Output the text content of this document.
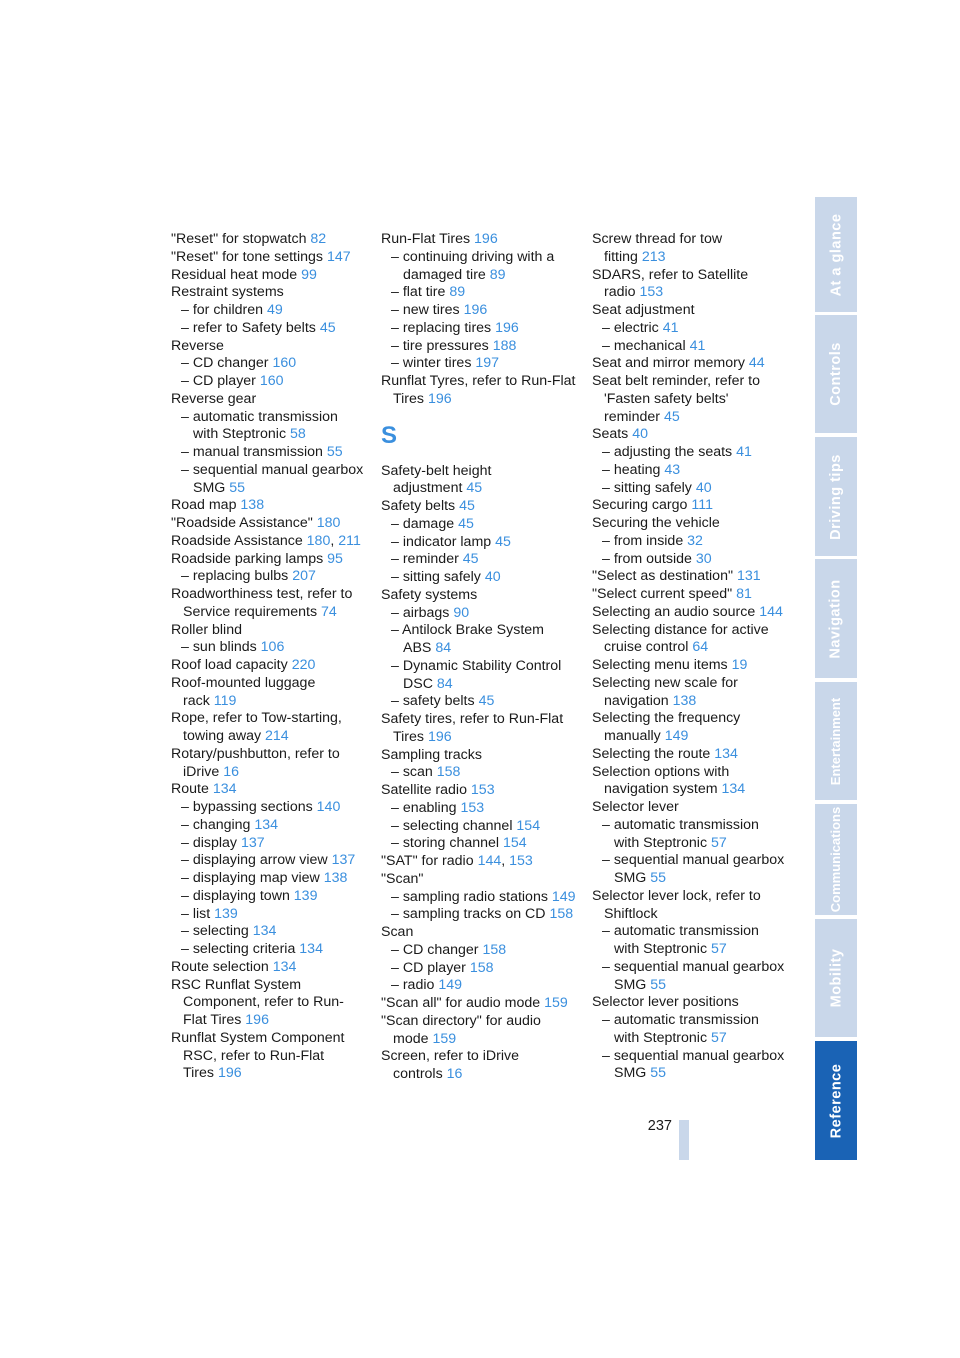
"Reset" for stopwatch 82
"Reset" for tone settings 147
Residual heat mode 99
Restraint systems
– for children 49
– refer to Safety belts 45
Reverse
– CD changer 160
– CD player 160
Reverse gear
– automatic transmission with Steptronic 58
– manual transmission 55
– sequential manual gearbox SMG 55
Road map 138
"Roadside Assistance" 180
Roadside Assistance 180, 211
Roadside parking lamps 95
– replacing bulbs 207
Roadworthiness test, refer to Service requirements 74
Roller blind
– sun blinds 106
Roof load capacity 220
Roof-mounted luggage rack 119
Rope, refer to Tow-starting, towing away 214
Rotary/pushbutton, refer to iDrive 16
Route 134
– bypassing sections 140
– changing 134
– display 137
– displaying arrow view 137
– displaying map view 138
– displaying town 139
– list 139
– selecting 134
– selecting criteria 134
Route selection 134
RSC Runflat System Component, refer to Run-Flat Tires 196
Runflat System Component RSC, refer to Run-Flat Tires 196
Run-Flat Tires 196
– continuing driving with a damaged tire 89
– flat tire 89
– new tires 196
– replacing tires 196
– tire pressures 188
– winter tires 197
Runflat Tyres, refer to Run-Flat Tires 196
S
Safety-belt height adjustment 45
Safety belts 45
– damage 45
– indicator lamp 45
– reminder 45
– sitting safely 40
Safety systems
– airbags 90
– Antilock Brake System ABS 84
– Dynamic Stability Control DSC 84
– safety belts 45
Safety tires, refer to Run-Flat Tires 196
Sampling tracks
– scan 158
Satellite radio 153
– enabling 153
– selecting channel 154
– storing channel 154
"SAT" for radio 144, 153
"Scan"
– sampling radio stations 149
– sampling tracks on CD 158
Scan
– CD changer 158
– CD player 158
– radio 149
"Scan all" for audio mode 159
"Scan directory" for audio mode 159
Screen, refer to iDrive controls 16
Screw thread for tow fitting 213
SDARS, refer to Satellite radio 153
Seat adjustment
– electric 41
– mechanical 41
Seat and mirror memory 44
Seat belt reminder, refer to 'Fasten safety belts' reminder 45
Seats 40
– adjusting the seats 41
– heating 43
– sitting safely 40
Securing cargo 111
Securing the vehicle
– from inside 32
– from outside 30
"Select as destination" 131
"Select current speed" 81
Selecting an audio source 144
Selecting distance for active cruise control 64
Selecting menu items 19
Selecting new scale for navigation 138
Selecting the frequency manually 149
Selecting the route 134
Selection options with navigation system 134
Selector lever
– automatic transmission with Steptronic 57
– sequential manual gearbox SMG 55
Selector lever lock, refer to Shiftlock
– automatic transmission with Steptronic 57
– sequential manual gearbox SMG 55
Selector lever positions
– automatic transmission with Steptronic 57
– sequential manual gearbox SMG 55
237
At a glance
Controls
Driving tips
Navigation
Entertainment
Communications
Mobility
Reference
